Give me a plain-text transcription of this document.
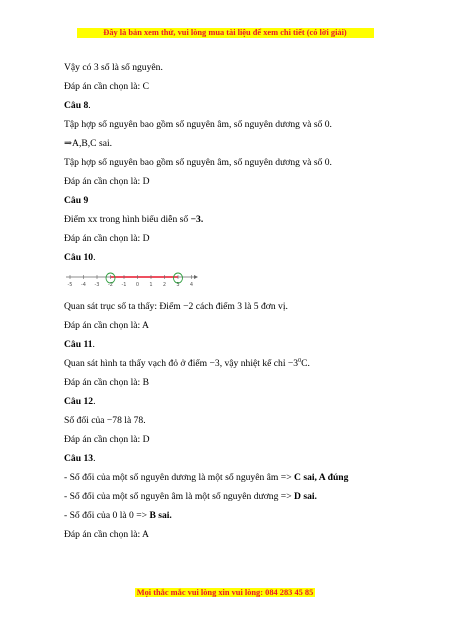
Đây là bản xem thử, vui lòng mua tài liệu để xem chi tiết (có lời giải)
Vậy có 3 số là số nguyên.
Đáp án cần chọn là: C
Câu 8.
Tập hợp số nguyên bao gồm số nguyên âm, số nguyên dương và số 0.
⇒A,B,C sai.
Tập hợp số nguyên bao gồm số nguyên âm, số nguyên dương và số 0.
Đáp án cần chọn là: D
Câu 9
Điểm xx trong hình biểu diễn số −3.
Đáp án cần chọn là: D
Câu 10.
-5 -4 -3 -2 -1 0 1 2 3 4
Quan sát trục số ta thấy: Điểm −2 cách điểm 3 là 5 đơn vị.
Đáp án cần chọn là: A
Câu 11.
Quan sát hình ta thấy vạch đỏ ở điểm −3, vậy nhiệt kế chỉ $-3^0C$.
Đáp án cần chọn là: B
Câu 12.
Số đối của −78 là 78.
Đáp án cần chọn là: D
Câu 13.
- Số đối của một số nguyên dương là một số nguyên âm => C sai, A đúng
- Số đối của một số nguyên âm là một số nguyên dương => D sai.
- Số đối của 0 là 0 => B sai.
Đáp án cần chọn là: A
Mọi thắc mắc vui lòng xin vui lòng: 084 283 45 85
